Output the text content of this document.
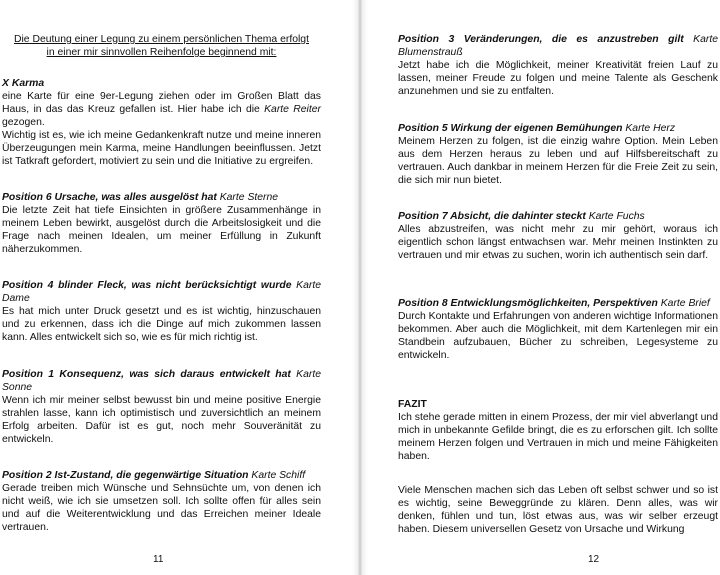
Die Deutung einer Legung zu einem persönlichen Thema erfolgt

in einer mir sinnvollen Reihenfolge beginnend mit:

X Karma

eine Karte für eine 9er-Legung ziehen oder im Großen Blatt das Haus, in das das Kreuz gefallen ist. Hier habe ich die Karte Reiter gezogen.

Wichtig ist es, wie ich meine Gedankenkraft nutze und meine inneren Überzeugungen mein Karma, meine Handlungen beeinflussen. Jetzt ist Tatkraft gefordert, motiviert zu sein und die Initiative zu ergreifen.

Position 6 Ursache, was alles ausgelöst hat Karte Sterne

Die letzte Zeit hat tiefe Einsichten in größere Zusammenhänge in meinem Leben bewirkt, ausgelöst durch die Arbeitslosigkeit und die Frage nach meinen Idealen, um meiner Erfüllung in Zukunft näherzukommen.

Position 4 blinder Fleck, was nicht berücksichtigt wurde Karte Dame

Es hat mich unter Druck gesetzt und es ist wichtig, hinzuschauen und zu erkennen, dass ich die Dinge auf mich zukommen lassen kann. Alles entwickelt sich so, wie es für mich richtig ist.

Position 1 Konsequenz, was sich daraus entwickelt hat Karte Sonne

Wenn ich mir meiner selbst bewusst bin und meine positive Energie strahlen lasse, kann ich optimistisch und zuversichtlich an meinem Erfolg arbeiten. Dafür ist es gut, noch mehr Souveränität zu entwickeln.

Position 2 Ist-Zustand, die gegenwärtige Situation Karte Schiff

Gerade treiben mich Wünsche und Sehnsüchte um, von denen ich nicht weiß, wie ich sie umsetzen soll. Ich sollte offen für alles sein und auf die Weiterentwicklung und das Erreichen meiner Ideale vertrauen.

11

Position 3 Veränderungen, die es anzustreben gilt Karte Blumenstrauß

Jetzt habe ich die Möglichkeit, meiner Kreativität freien Lauf zu lassen, meiner Freude zu folgen und meine Talente als Geschenk anzunehmen und sie zu entfalten.

Position 5 Wirkung der eigenen Bemühungen Karte Herz

Meinem Herzen zu folgen, ist die einzig wahre Option. Mein Leben aus dem Herzen heraus zu leben und auf Hilfsbereitschaft zu vertrauen. Auch dankbar in meinem Herzen für die Freie Zeit zu sein, die sich mir nun bietet.

Position 7 Absicht, die dahinter steckt Karte Fuchs

Alles abzustreifen, was nicht mehr zu mir gehört, woraus ich eigentlich schon längst entwachsen war. Mehr meinen Instinkten zu vertrauen und mir etwas zu suchen, worin ich authentisch sein darf.

Position 8 Entwicklungsmöglichkeiten, Perspektiven Karte Brief

Durch Kontakte und Erfahrungen von anderen wichtige Informationen bekommen. Aber auch die Möglichkeit, mit dem Kartenlegen mir ein Standbein aufzubauen, Bücher zu schreiben, Legesysteme zu entwickeln.

FAZIT

Ich stehe gerade mitten in einem Prozess, der mir viel abverlangt und mich in unbekannte Gefilde bringt, die es zu erforschen gilt. Ich sollte meinem Herzen folgen und Vertrauen in mich und meine Fähigkeiten haben.

Viele Menschen machen sich das Leben oft selbst schwer und so ist es wichtig, seine Beweggründe zu klären. Denn alles, was wir denken, fühlen und tun, löst etwas aus, was wir selber erzeugt haben. Diesem universellen Gesetz von Ursache und Wirkung

12
